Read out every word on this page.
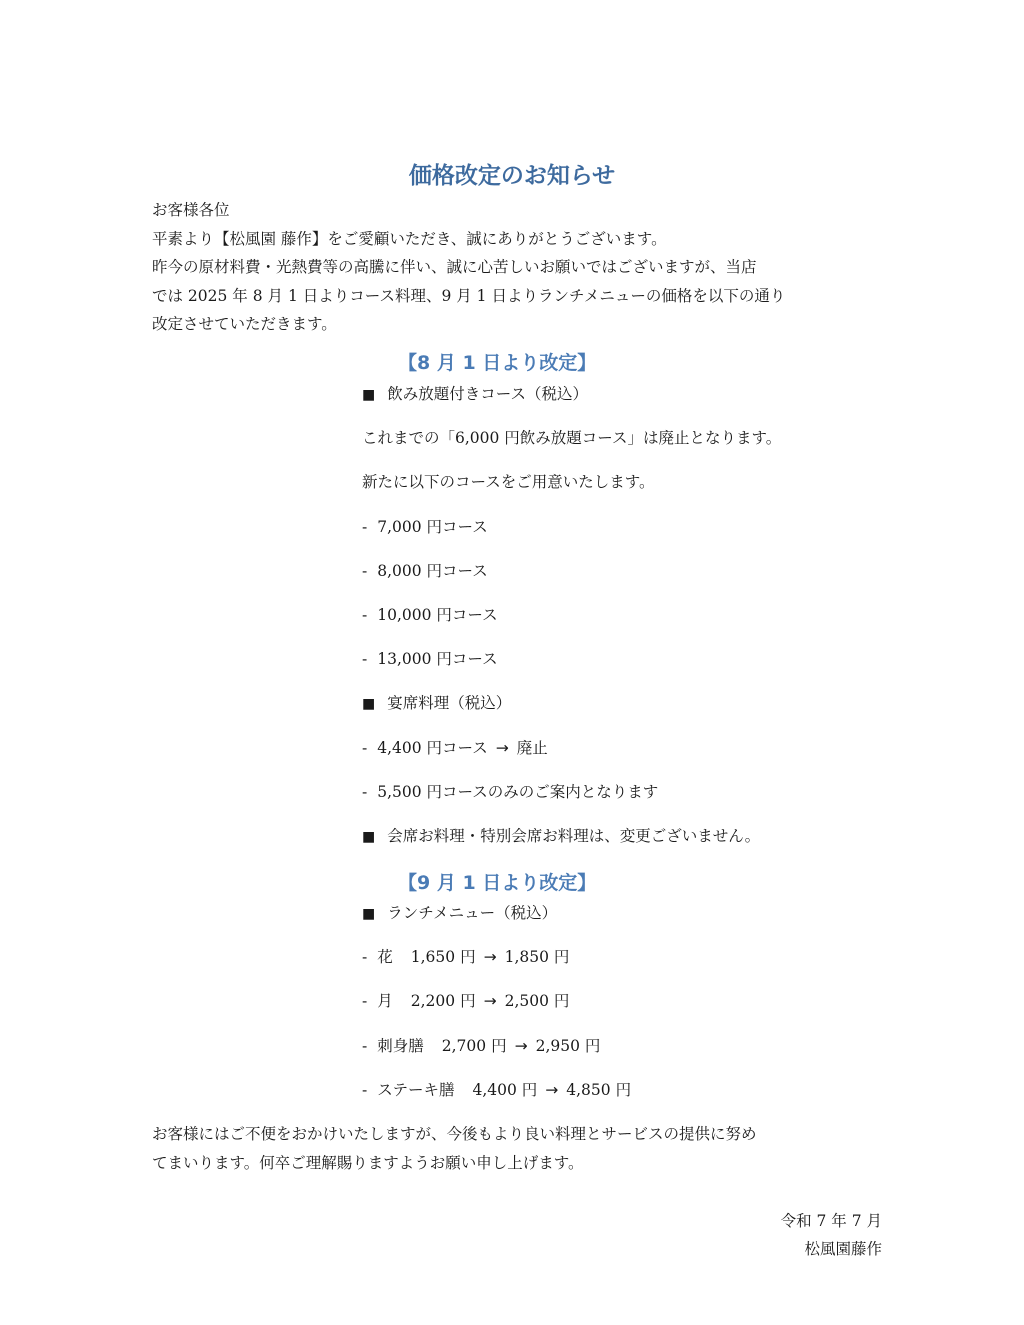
価格改定のお知らせ
お客様各位
平素より【松風園 藤作】をご愛顧いただき、誠にありがとうございます。
昨今の原材料費・光熱費等の高騰に伴い、誠に心苦しいお願いではございますが、当店
では 2025 年 8 月 1 日よりコース料理、9 月 1 日よりランチメニューの価格を以下の通り
改定させていただきます。
【8 月 1 日より改定】
■ 飲み放題付きコース（税込）
これまでの「6,000 円飲み放題コース」は廃止となります。
新たに以下のコースをご用意いたします。
- 7,000 円コース
- 8,000 円コース
- 10,000 円コース
- 13,000 円コース
■ 宴席料理（税込）
- 4,400 円コース → 廃止
- 5,500 円コースのみのご案内となります
■ 会席お料理・特別会席お料理は、変更ございません。
【9 月 1 日より改定】
■ ランチメニュー（税込）
- 花 1,650 円 → 1,850 円
- 月 2,200 円 → 2,500 円
- 刺身膳 2,700 円 → 2,950 円
- ステーキ膳 4,400 円 → 4,850 円
お客様にはご不便をおかけいたしますが、今後もより良い料理とサービスの提供に努め
てまいります。何卒ご理解賜りますようお願い申し上げます。
令和 7 年 7 月
松風園藤作
